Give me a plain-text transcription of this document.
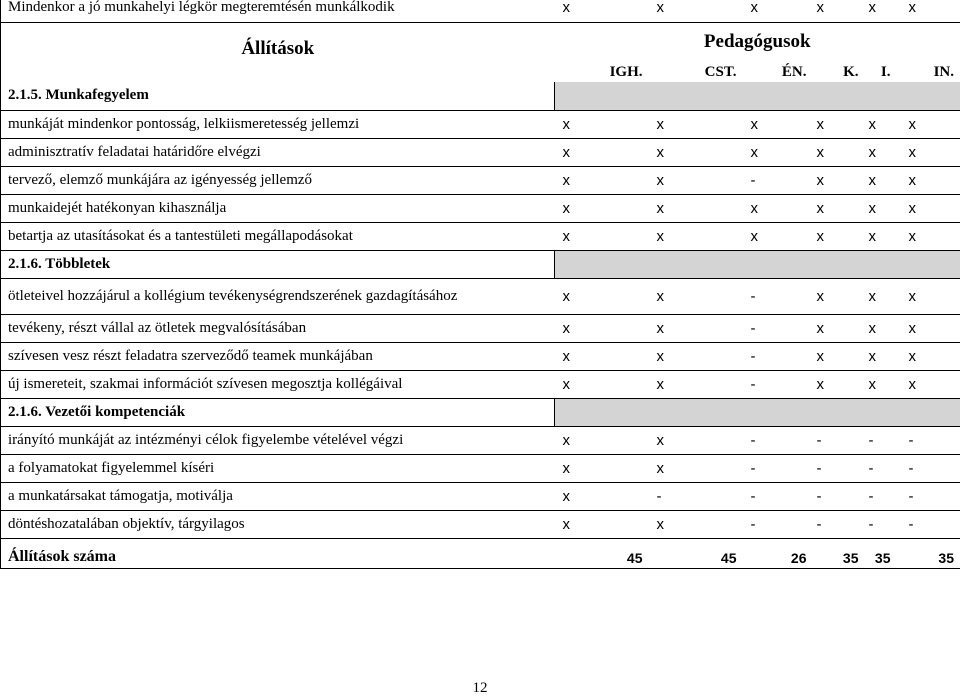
Mindenkor a jó munkahelyi légkör megteremtésén munkálkodik	x	x	x	x	x	x
Állítások	Pedagógusok					
	IGH.	CST.	ÉN.	K.	I.	IN.
2.1.5. Munkafegyelem						
munkáját mindenkor pontosság, lelkiismeretesség jellemzi	x	x	x	x	x	x
adminisztratív feladatai határidőre elvégzi	x	x	x	x	x	x
tervező, elemző munkájára az igényesség jellemző	x	x	-	x	x	x
munkaidejét hatékonyan kihasználja	x	x	x	x	x	x
betartja az utasításokat és a tantestületi megállapodásokat	x	x	x	x	x	x
2.1.6. Többletek						
ötleteivel hozzájárul a kollégium tevékenységrendszerének gazdagításához	x	x	-	x	x	x
tevékeny, részt vállal az ötletek megvalósításában	x	x	-	x	x	x
szívesen vesz részt feladatra szerveződő teamek munkájában	x	x	-	x	x	x
új ismereteit, szakmai információt szívesen megosztja kollégáival	x	x	-	x	x	x
2.1.6. Vezetői kompetenciák						
irányító munkáját az intézményi célok figyelembe vételével végzi	x	x	-	-	-	-
a folyamatokat figyelemmel kíséri	x	x	-	-	-	-
a munkatársakat támogatja, motiválja	x	-	-	-	-	-
döntéshozatalában objektív, tárgyilagos	x	x	-	-	-	-
Állítások száma	45	45	26	35	35	35
12
